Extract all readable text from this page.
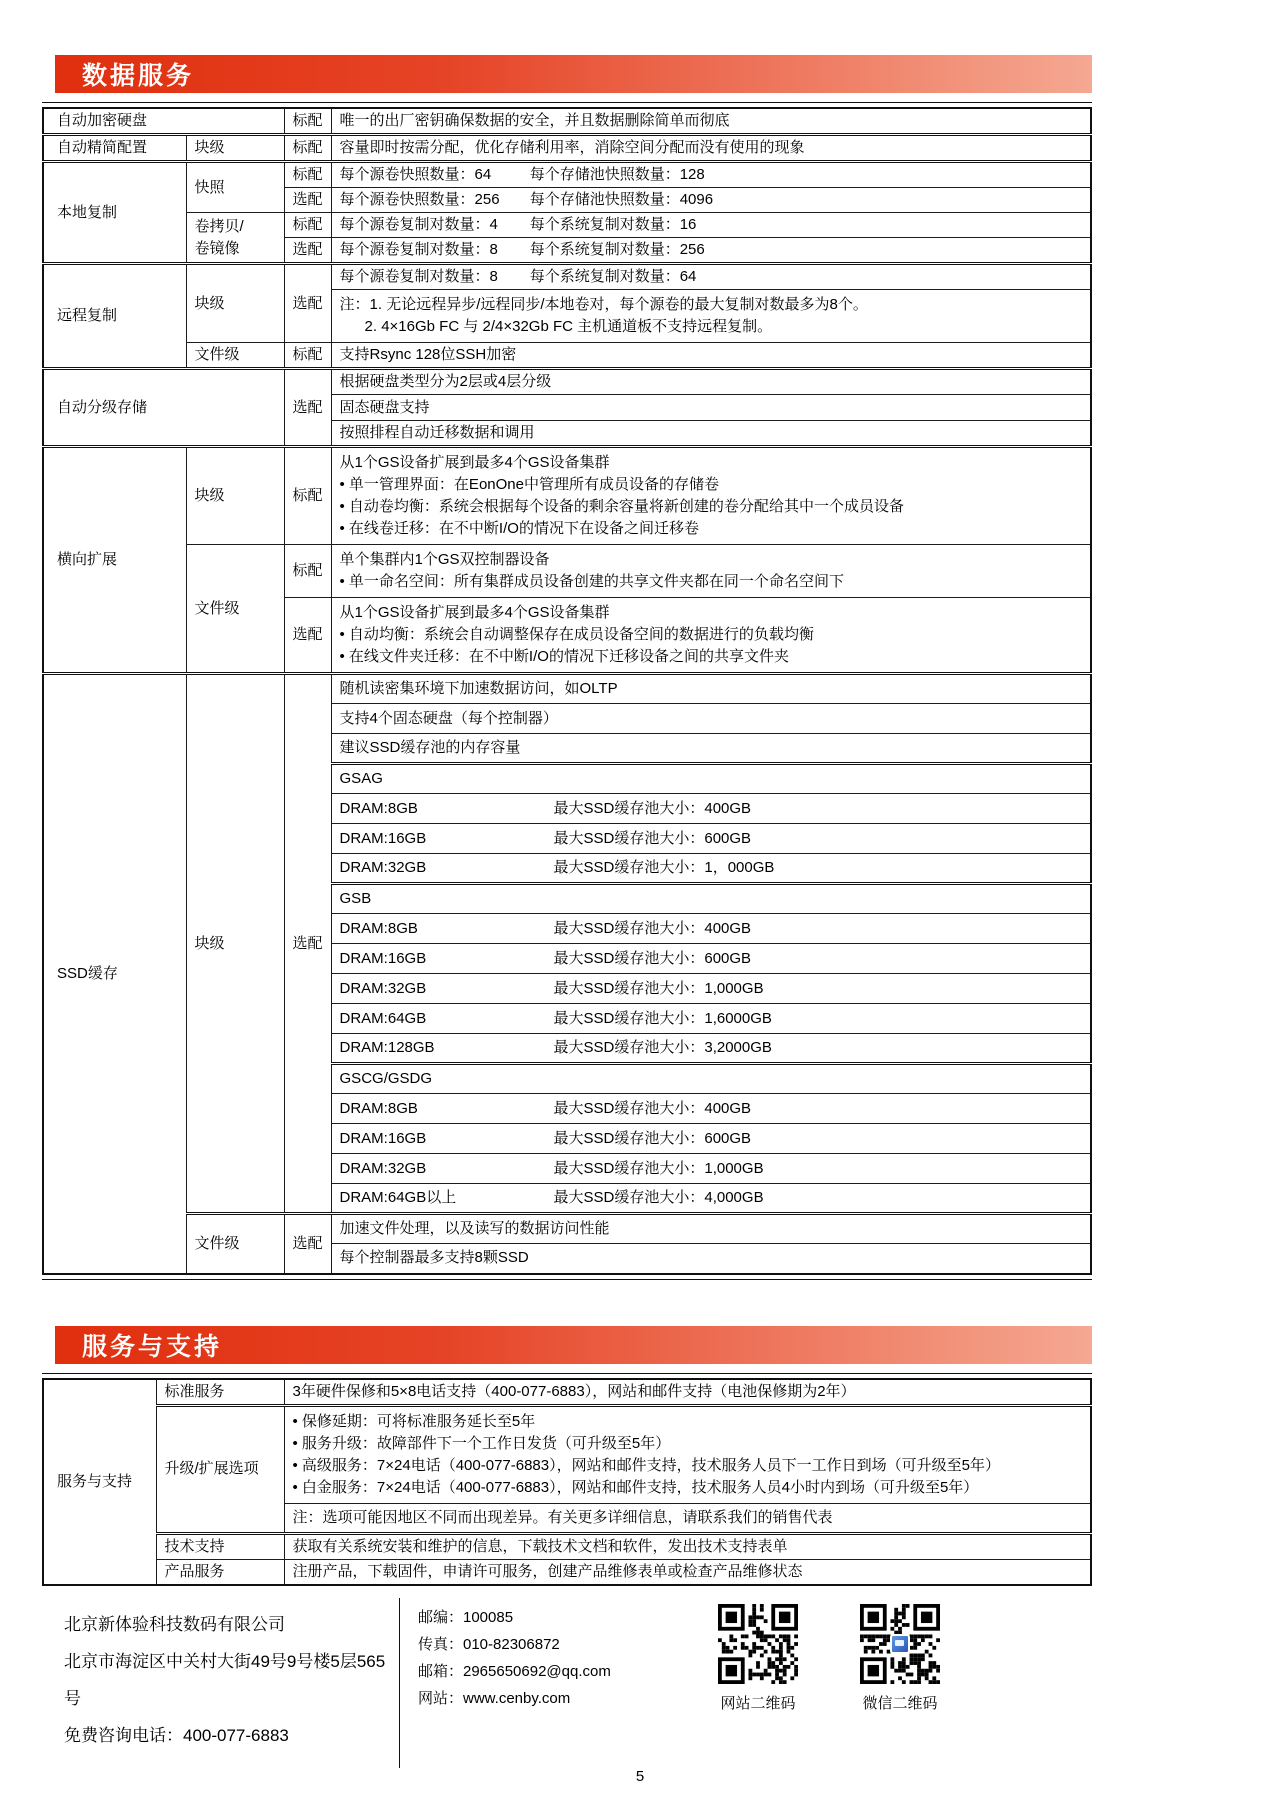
数据服务
自动加密硬盘		标配	唯一的出厂密钥确保数据的安全，并且数据删除简单而彻底
自动精简配置	块级	标配	容量即时按需分配，优化存储利用率，消除空间分配而没有使用的现象
本地复制	快照	标配	每个源卷快照数量：64 每个存储池快照数量：128
		选配	每个源卷快照数量：256 每个存储池快照数量：4096

	卷拷贝/
卷镜像	标配	每个源卷复制对数量：4 每个系统复制对数量：16
		选配	每个源卷复制对数量：8 每个系统复制对数量：256
远程复制	块级	选配	每个源卷复制对数量：8 每个系统复制对数量：64

			注：1. 无论远程异步/远程同步/本地卷对，每个源卷的最大复制对数最多为8个。
2. 4×16Gb FC 与 2/4×32Gb FC 主机通道板不支持远程复制。

	文件级	标配	支持Rsync 128位SSH加密
自动分级存储		选配	根据硬盘类型分为2层或4层分级
			固态硬盘支持
			按照排程自动迁移数据和调用
横向扩展	块级	标配	从1个GS设备扩展到最多4个GS设备集群
• 单一管理界面：在EonOne中管理所有成员设备的存储卷
• 自动卷均衡：系统会根据每个设备的剩余容量将新创建的卷分配给其中一个成员设备
• 在线卷迁移：在不中断I/O的情况下在设备之间迁移卷

	文件级	标配	单个集群内1个GS双控制器设备
• 单一命名空间：所有集群成员设备创建的共享文件夹都在同一个命名空间下

		选配	从1个GS设备扩展到最多4个GS设备集群
• 自动均衡：系统会自动调整保存在成员设备空间的数据进行的负载均衡
• 在线文件夹迁移：在不中断I/O的情况下迁移设备之间的共享文件夹

SSD缓存	块级	选配	随机读密集环境下加速数据访问，如OLTP
			支持4个固态硬盘（每个控制器）
			建议SSD缓存池的内存容量
			GSAG
			DRAM:8GB 最大SSD缓存池大小：400GB
			DRAM:16GB 最大SSD缓存池大小：600GB
			DRAM:32GB 最大SSD缓存池大小：1，000GB
			GSB
			DRAM:8GB 最大SSD缓存池大小：400GB
			DRAM:16GB 最大SSD缓存池大小：600GB
			DRAM:32GB 最大SSD缓存池大小：1,000GB
			DRAM:64GB 最大SSD缓存池大小：1,6000GB
			DRAM:128GB 最大SSD缓存池大小：3,2000GB
			GSCG/GSDG
			DRAM:8GB 最大SSD缓存池大小：400GB
			DRAM:16GB 最大SSD缓存池大小：600GB
			DRAM:32GB 最大SSD缓存池大小：1,000GB
			DRAM:64GB以上 最大SSD缓存池大小：4,000GB
	文件级	选配	加速文件处理，以及读写的数据访问性能
			每个控制器最多支持8颗SSD
服务与支持
服务与支持	标准服务	3年硬件保修和5×8电话支持（400-077-6883），网站和邮件支持（电池保修期为2年）
	升级/扩展选项	• 保修延期：可将标准服务延长至5年
• 服务升级：故障部件下一个工作日发货（可升级至5年）
• 高级服务：7×24电话（400-077-6883），网站和邮件支持，技术服务人员下一工作日到场（可升级至5年）
• 白金服务：7×24电话（400-077-6883），网站和邮件支持，技术服务人员4小时内到场（可升级至5年）

		注：选项可能因地区不同而出现差异。有关更多详细信息，请联系我们的销售代表
	技术支持	获取有关系统安装和维护的信息，下载技术文档和软件，发出技术支持表单
	产品服务	注册产品，下载固件，申请许可服务，创建产品维修表单或检查产品维修状态
北京新体验科技数码有限公司
北京市海淀区中关村大街49号9号楼5层565号
免费咨询电话：400-077-6883
邮编：100085
传真：010-82306872
邮箱：2965650692@qq.com
网站：www.cenby.com	网站二维码	微信二维码
5
